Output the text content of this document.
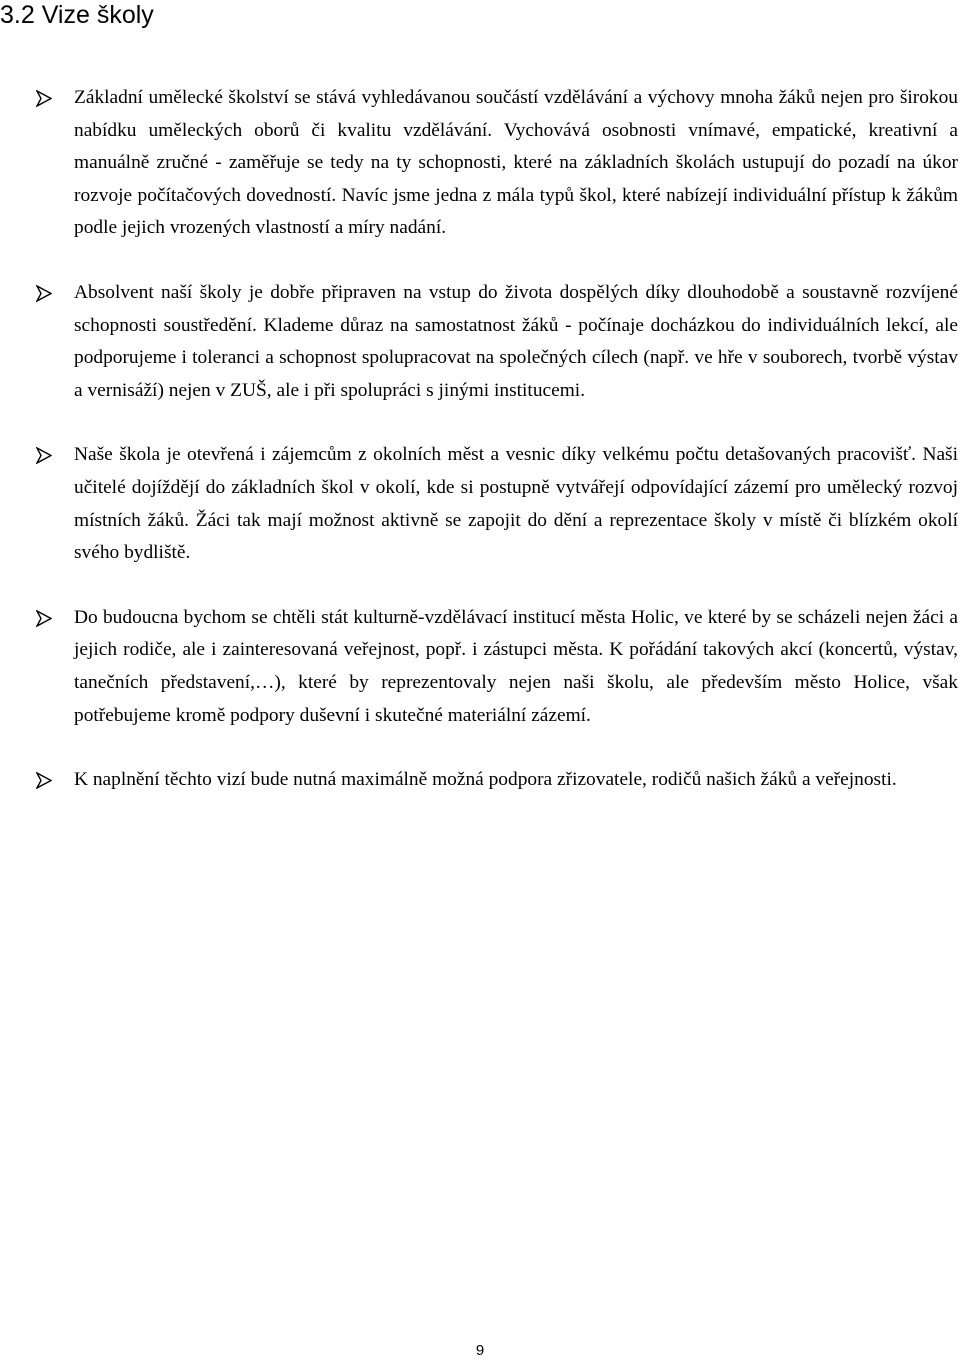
3.2 Vize školy
Základní umělecké školství se stává vyhledávanou součástí vzdělávání a výchovy mnoha žáků nejen pro širokou nabídku uměleckých oborů či kvalitu vzdělávání. Vychovává osobnosti vnímavé, empatické, kreativní a manuálně zručné - zaměřuje se tedy na ty schopnosti, které na základních školách ustupují do pozadí na úkor rozvoje počítačových dovedností. Navíc jsme jedna z mála typů škol, které nabízejí individuální přístup k žákům podle jejich vrozených vlastností a míry nadání.
Absolvent naší školy je dobře připraven na vstup do života dospělých díky dlouhodobě a soustavně rozvíjené schopnosti soustředění. Klademe důraz na samostatnost žáků - počínaje docházkou do individuálních lekcí, ale podporujeme i toleranci a schopnost spolupracovat na společných cílech (např. ve hře v souborech, tvorbě výstav a vernisáží) nejen v ZUŠ, ale i při spolupráci s jinými institucemi.
Naše škola je otevřená i zájemcům z okolních měst a vesnic díky velkému počtu detašovaných pracovišť. Naši učitelé dojíždějí do základních škol v okolí, kde si postupně vytvářejí odpovídající zázemí pro umělecký rozvoj místních žáků. Žáci tak mají možnost aktivně se zapojit do dění a reprezentace školy v místě či blízkém okolí svého bydliště.
Do budoucna bychom se chtěli stát kulturně-vzdělávací institucí města Holic, ve které by se scházeli nejen žáci a jejich rodiče, ale i zainteresovaná veřejnost, popř. i zástupci města. K pořádání takových akcí (koncertů, výstav, tanečních představení,…), které by reprezentovaly nejen naši školu, ale především město Holice, však potřebujeme kromě podpory duševní i skutečné materiální zázemí.
K naplnění těchto vizí bude nutná maximálně možná podpora zřizovatele, rodičů našich žáků a veřejnosti.
9
